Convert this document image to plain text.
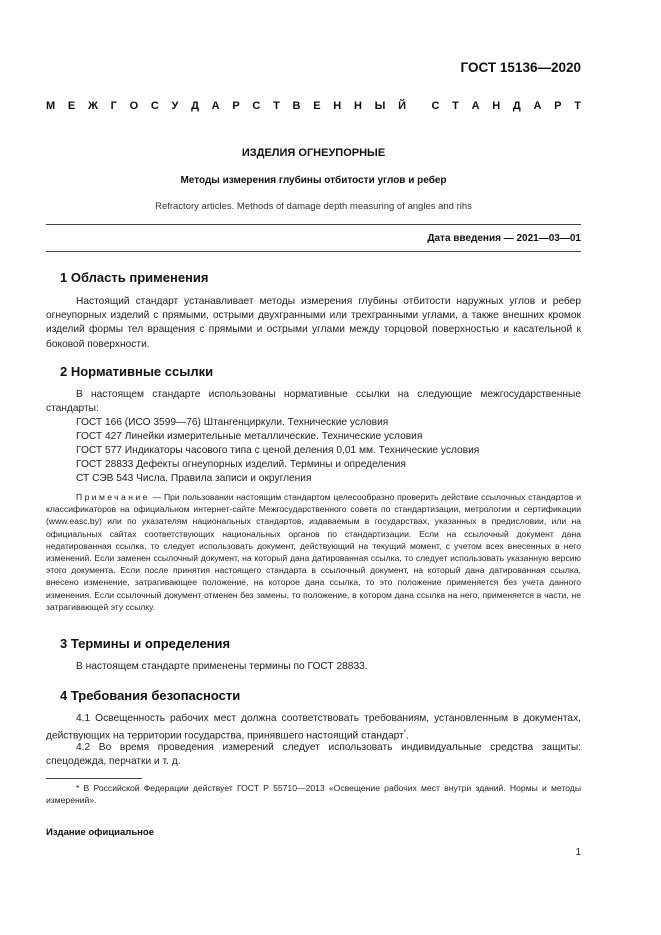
ГОСТ 15136—2020
М Е Ж Г О С У Д А Р С Т В Е Н Н Ы Й С Т А Н Д А Р Т
ИЗДЕЛИЯ ОГНЕУПОРНЫЕ
Методы измерения глубины отбитости углов и ребер
Refractory articles. Methods of damage depth measuring of angles and rihs
Дата введения — 2021—03—01
1 Область применения
Настоящий стандарт устанавливает методы измерения глубины отбитости наружных углов и ребер огнеупорных изделий с прямыми, острыми двухгранными или трехгранными углами, а также внешних кромок изделий формы тел вращения с прямыми и острыми углами между торцовой поверхностью и касательной к боковой поверхности.
2 Нормативные ссылки
В настоящем стандарте использованы нормативные ссылки на следующие межгосударственные стандарты:
ГОСТ 166 (ИСО 3599—76) Штангенциркули. Технические условия
ГОСТ 427 Линейки измерительные металлические. Технические условия
ГОСТ 577 Индикаторы часового типа с ценой деления 0,01 мм. Технические условия
ГОСТ 28833 Дефекты огнеупорных изделий. Термины и определения
СТ СЭВ 543 Числа. Правила записи и округления
Примечание — При пользовании настоящим стандартом целесообразно проверить действие ссылочных стандартов и классификаторов на официальном интернет-сайте Межгосударственного совета по стандартизации, метрологии и сертификации (www.easc.by) или по указателям национальных стандартов, издаваемым в государствах, указанных в предисловии, или на официальных сайтах соответствующих национальных органов по стандартизации. Если на ссылочный документ дана недатированная ссылка, то следует использовать документ, действующий на текущий момент, с учетом всех внесенных в него изменений. Если заменен ссылочный документ, на который дана датированная ссылка, то следует использовать указанную версию этого документа. Если после принятия настоящего стандарта в ссылочный документ, на который дана датированная ссылка, внесено изменение, затрагивающее положение, на которое дана ссылка, то это положение применяется без учета данного изменения. Если ссылочный документ отменен без замены, то положение, в котором дана ссылка на него, применяется в части, не затрагивающей эту ссылку.
3 Термины и определения
В настоящем стандарте применены термины по ГОСТ 28833.
4 Требования безопасности
4.1 Освещенность рабочих мест должна соответствовать требованиям, установленным в документах, действующих на территории государства, принявшего настоящий стандарт*.
4.2 Во время проведения измерений следует использовать индивидуальные средства защиты: спецодежда, перчатки и т. д.
* В Российской Федерации действует ГОСТ Р 55710—2013 «Освещение рабочих мест внутри зданий. Нормы и методы измерений».
Издание официальное
1
